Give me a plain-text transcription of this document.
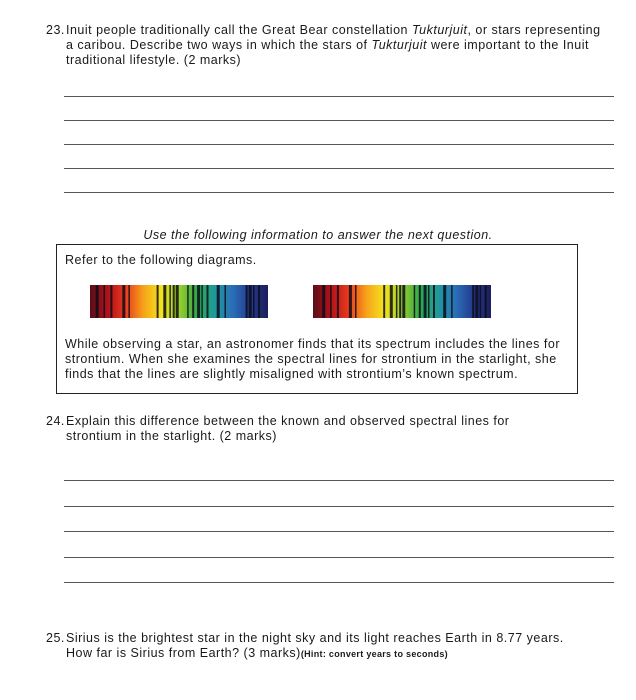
23.Inuit people traditionally call the Great Bear constellation Tukturjuit, or stars representing
a caribou. Describe two ways in which the stars of Tukturjuit were important to the Inuit
traditional lifestyle. (2 marks)
Use the following information to answer the next question.
Refer to the following diagrams.
While observing a star, an astronomer finds that its spectrum includes the lines for strontium. When she examines the spectral lines for strontium in the starlight, she finds that the lines are slightly misaligned with strontium’s known spectrum.
24.Explain this difference between the known and observed spectral lines for
strontium in the starlight. (2 marks)
25.Sirius is the brightest star in the night sky and its light reaches Earth in 8.77 years.
How far is Sirius from Earth? (3 marks)(Hint: convert years to seconds)
